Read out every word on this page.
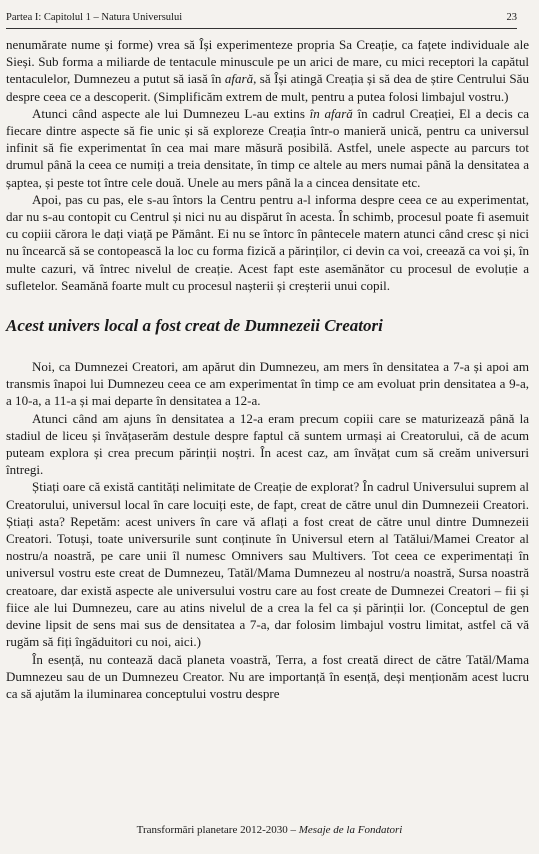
Partea I: Capitolul 1 – Natura Universului	23

nenumărate nume și forme) vrea să Își experimenteze propria Sa Creație, ca fațete individuale ale Sieși. Sub forma a miliarde de tentacule minuscule pe un arici de mare, cu mici receptori la capătul tentaculelor, Dumnezeu a putut să iasă în afară, să Își atingă Creația și să dea de știre Centrului Său despre ceea ce a descoperit. (Simplificăm extrem de mult, pentru a putea folosi limbajul vostru.)

Atunci când aspecte ale lui Dumnezeu L-au extins în afară în cadrul Creației, El a decis ca fiecare dintre aspecte să fie unic și să exploreze Creația într-o manieră unică, pentru ca universul infinit să fie experimentat în cea mai mare măsură posibilă. Astfel, unele aspecte au parcurs tot drumul până la ceea ce numiți a treia densitate, în timp ce altele au mers numai până la densitatea a șaptea, și peste tot între cele două. Unele au mers până la a cincea densitate etc.

Apoi, pas cu pas, ele s-au întors la Centru pentru a-l informa despre ceea ce au experimentat, dar nu s-au contopit cu Centrul și nici nu au dispărut în acesta. În schimb, procesul poate fi asemuit cu copiii cărora le dați viață pe Pământ. Ei nu se întorc în pântecele matern atunci când cresc și nici nu încearcă să se contopească la loc cu forma fizică a părinților, ci devin ca voi, creează ca voi și, în multe cazuri, vă întrec nivelul de creație. Acest fapt este asemănător cu procesul de evoluție a sufletelor. Seamănă foarte mult cu procesul nașterii și creșterii unui copil.

Acest univers local a fost creat de Dumnezeii Creatori

Noi, ca Dumnezei Creatori, am apărut din Dumnezeu, am mers în densitatea a 7-a și apoi am transmis înapoi lui Dumnezeu ceea ce am experimentat în timp ce am evoluat prin densitatea a 9-a, a 10-a, a 11-a și mai departe în densitatea a 12-a.

Atunci când am ajuns în densitatea a 12-a eram precum copiii care se maturizează până la stadiul de liceu și învățaserăm destule despre faptul că suntem urmași ai Creatorului, că de acum puteam explora și crea precum părinții noștri. În acest caz, am învățat cum să creăm universuri întregi.

Știați oare că există cantități nelimitate de Creație de explorat? În cadrul Universului suprem al Creatorului, universul local în care locuiți este, de fapt, creat de către unul din Dumnezeii Creatori. Știați asta? Repetăm: acest univers în care vă aflați a fost creat de către unul dintre Dumnezeii Creatori. Totuși, toate universurile sunt conținute în Universul etern al Tatălui/Mamei Creator al nostru/a noastră, pe care unii îl numesc Omnivers sau Multivers. Tot ceea ce experimentați în universul vostru este creat de Dumnezeu, Tatăl/Mama Dumnezeu al nostru/a noastră, Sursa noastră creatoare, dar există aspecte ale universului vostru care au fost create de Dumnezei Creatori – fii și fiice ale lui Dumnezeu, care au atins nivelul de a crea la fel ca și părinții lor. (Conceptul de gen devine lipsit de sens mai sus de densitatea a 7-a, dar folosim limbajul vostru limitat, astfel că vă rugăm să fiți îngăduitori cu noi, aici.)

În esență, nu contează dacă planeta voastră, Terra, a fost creată direct de către Tatăl/Mama Dumnezeu sau de un Dumnezeu Creator. Nu are importanță în esență, deși menționăm acest lucru ca să ajutăm la iluminarea conceptului vostru despre

Transformări planetare 2012-2030 – Mesaje de la Fondatori
